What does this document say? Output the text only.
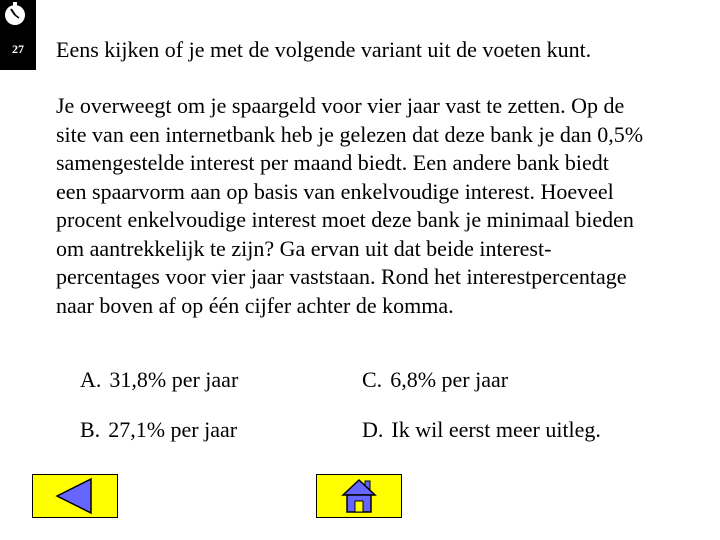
27	Eens kijken of je met de volgende variant uit de voeten kunt.
Je overweegt om je spaargeld voor vier jaar vast te zetten. Op de
site van een internetbank heb je gelezen dat deze bank je dan 0,5%
samengestelde interest per maand biedt. Een andere bank biedt
een spaarvorm aan op basis van enkelvoudige interest. Hoeveel
procent enkelvoudige interest moet deze bank je minimaal bieden
om aantrekkelijk te zijn? Ga ervan uit dat beide interest-
percentages voor vier jaar vaststaan. Rond het interestpercentage
naar boven af op één cijfer achter de komma.
A. 31,8% per jaar
B. 27,1% per jaar
C. 6,8% per jaar
D. Ik wil eerst meer uitleg.
